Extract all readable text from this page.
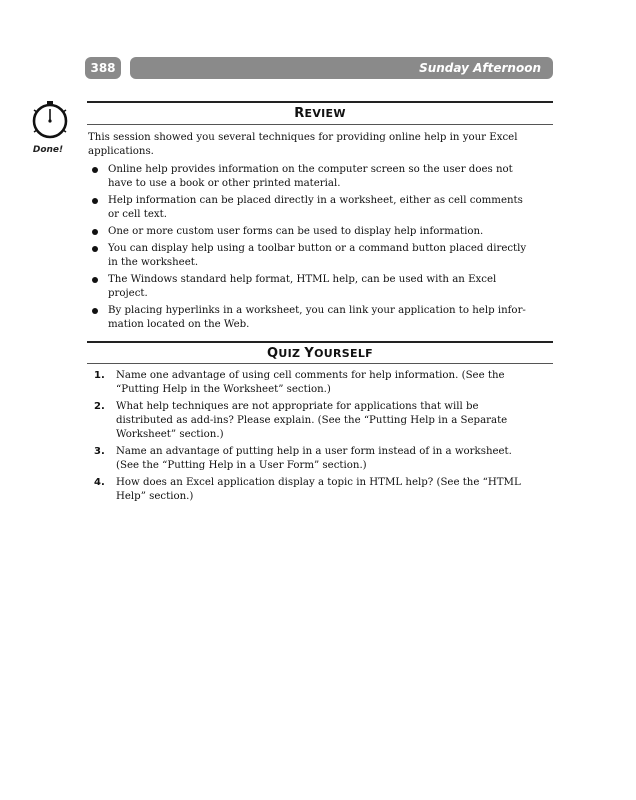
388	Sunday Afternoon
Done!
REVIEW
This session showed you several techniques for providing online help in your Excel applications.
Online help provides information on the computer screen so the user does not have to use a book or other printed material.
Help information can be placed directly in a worksheet, either as cell comments or cell text.
One or more custom user forms can be used to display help information.
You can display help using a toolbar button or a command button placed directly in the worksheet.
The Windows standard help format, HTML help, can be used with an Excel project.
By placing hyperlinks in a worksheet, you can link your application to help infor-mation located on the Web.
QUIZ YOURSELF
1. Name one advantage of using cell comments for help information. (See the “Putting Help in the Worksheet” section.)
2. What help techniques are not appropriate for applications that will be distributed as add-ins? Please explain. (See the “Putting Help in a Separate Worksheet” section.)
3. Name an advantage of putting help in a user form instead of in a worksheet. (See the “Putting Help in a User Form” section.)
4. How does an Excel application display a topic in HTML help? (See the “HTML Help” section.)
